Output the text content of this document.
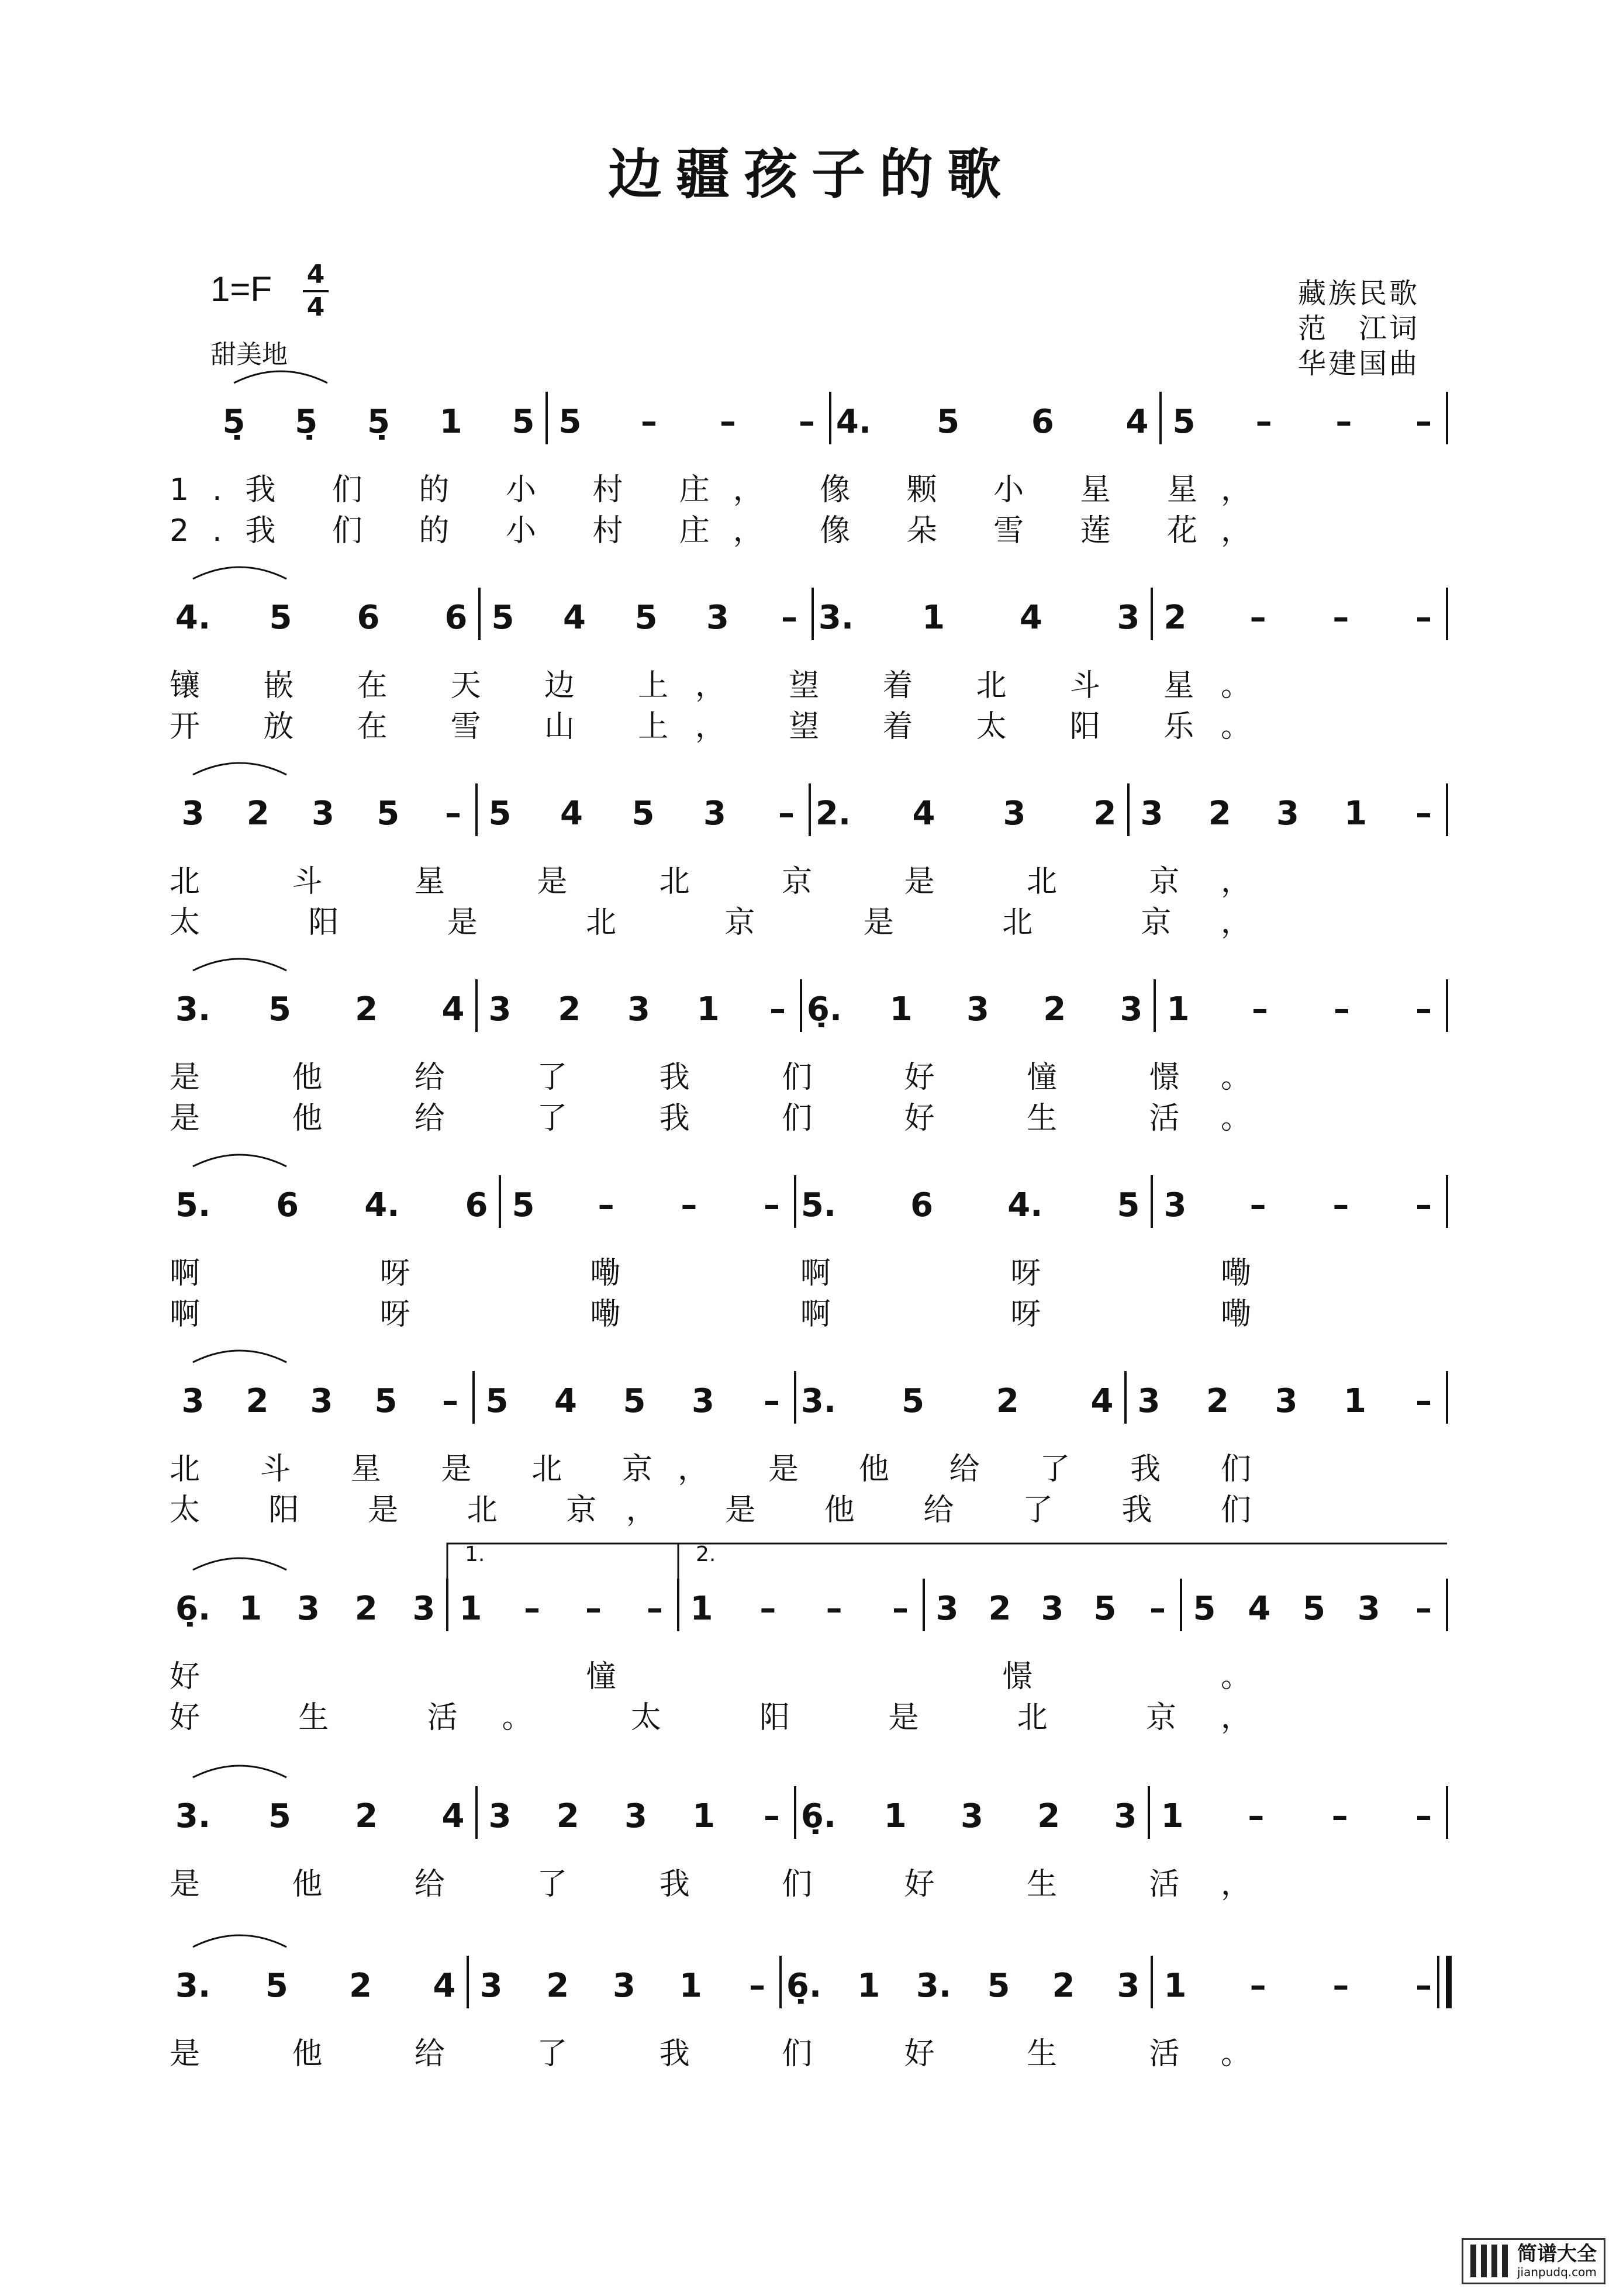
边疆孩子的歌
1=F 4
4
甜美地
藏族民歌
范　江词
华建国曲
5̣ 5̣ 5̣ 1 5 5 – – – 4. 5 6 4 5 – – –
1.我 们 的 小 村 庄， 像 颗 小 星 星，
2.我 们 的 小 村 庄， 像 朵 雪 莲 花，
4. 5 6 6 5 4 5 3 – 3. 1 4 3 2 – – –
镶 嵌 在 天 边 上， 望 着 北 斗 星。
开 放 在 雪 山 上， 望 着 太 阳 乐。
3 2 3 5 – 5 4 5 3 – 2. 4 3 2 3 2 3 1 –
北 斗 星 是 北 京 是 北 京，
太 阳 是 北 京 是 北 京，
3. 5 2 4 3 2 3 1 – 6̣. 1 3 2 3 1 – – –
是 他 给 了 我 们 好 憧 憬。
是 他 给 了 我 们 好 生 活。
5. 6 4. 6 5 – – – 5. 6 4. 5 3 – – –
啊 呀 嘞 啊 呀 嘞
啊 呀 嘞 啊 呀 嘞
3 2 3 5 – 5 4 5 3 – 3. 5 2 4 3 2 3 1 –
北 斗 星 是 北 京， 是 他 给 了 我 们
太 阳 是 北 京， 是 他 给 了 我 们
6̣. 1 3 2 3 1 – – – 1 – – – 3 2 3 5 – 5 4 5 3 –
1.	2.
好 憧 憬。
好 生 活。 太 阳 是 北 京，
3. 5 2 4 3 2 3 1 – 6̣. 1 3 2 3 1 – – –
是 他 给 了 我 们 好 生 活，
3. 5 2 4 3 2 3 1 – 6̣. 1 3. 5 2 3 1 – – –
是 他 给 了 我 们 好 生 活。
简谱大全
jianpudq.com
